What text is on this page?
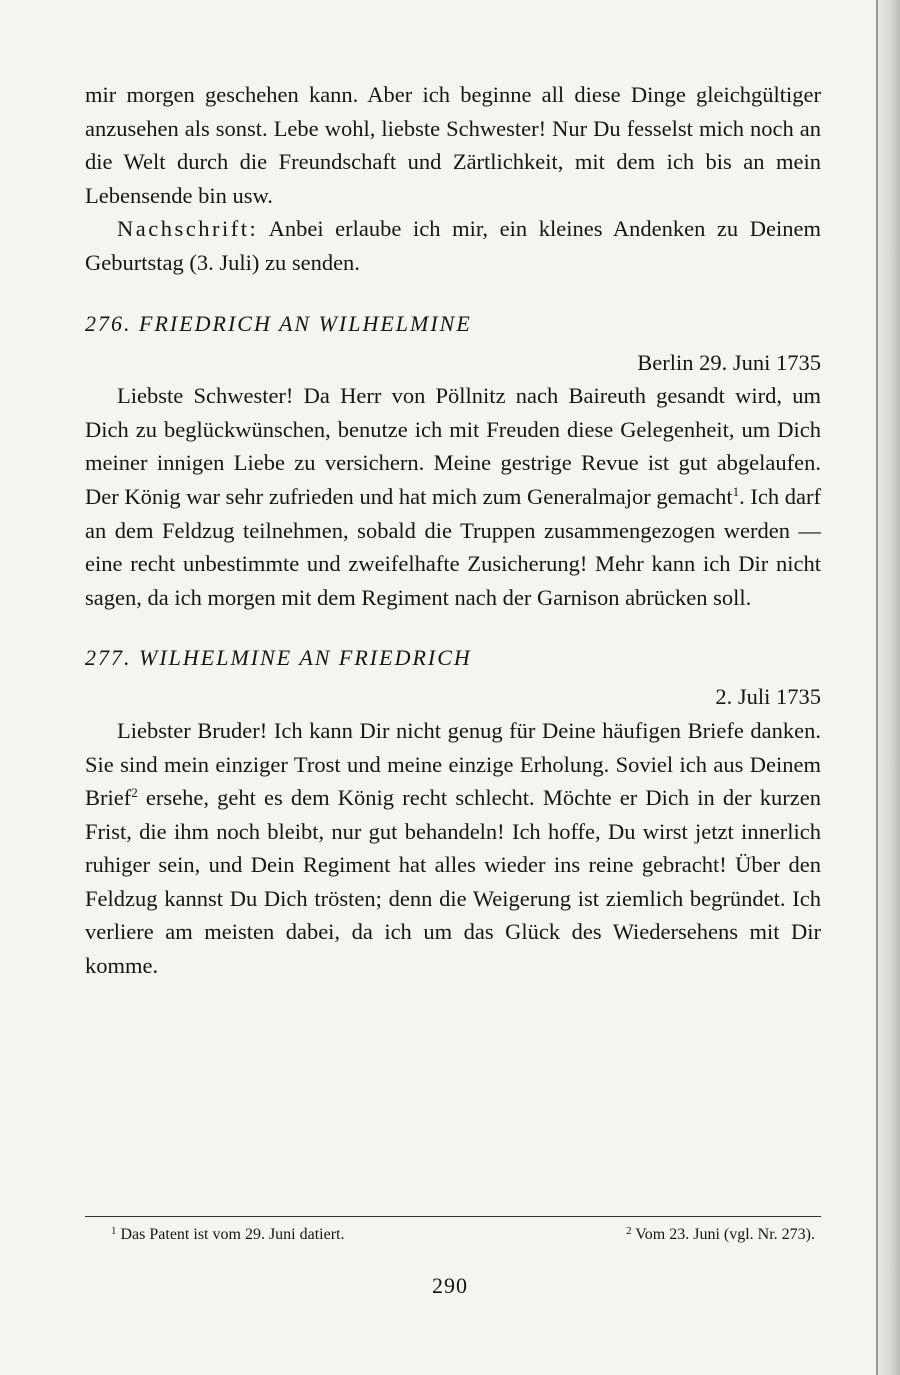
mir morgen geschehen kann. Aber ich beginne all diese Dinge gleichgültiger anzusehen als sonst. Lebe wohl, liebste Schwester! Nur Du fesselst mich noch an die Welt durch die Freundschaft und Zärtlichkeit, mit dem ich bis an mein Lebensende bin usw.

Nachschrift: Anbei erlaube ich mir, ein kleines Andenken zu Deinem Geburtstag (3. Juli) zu senden.

276. FRIEDRICH AN WILHELMINE
Berlin 29. Juni 1735

Liebste Schwester! Da Herr von Pöllnitz nach Baireuth gesandt wird, um Dich zu beglückwünschen, benutze ich mit Freuden diese Gelegenheit, um Dich meiner innigen Liebe zu versichern. Meine gestrige Revue ist gut abgelaufen. Der König war sehr zufrieden und hat mich zum Generalmajor gemacht$^1$. Ich darf an dem Feldzug teilnehmen, sobald die Truppen zusammengezogen werden — eine recht unbestimmte und zweifelhafte Zusicherung! Mehr kann ich Dir nicht sagen, da ich morgen mit dem Regiment nach der Garnison abrücken soll.

277. WILHELMINE AN FRIEDRICH
2. Juli 1735

Liebster Bruder! Ich kann Dir nicht genug für Deine häufigen Briefe danken. Sie sind mein einziger Trost und meine einzige Erholung. Soviel ich aus Deinem Brief$^2$ ersehe, geht es dem König recht schlecht. Möchte er Dich in der kurzen Frist, die ihm noch bleibt, nur gut behandeln! Ich hoffe, Du wirst jetzt innerlich ruhiger sein, und Dein Regiment hat alles wieder ins reine gebracht! Über den Feldzug kannst Du Dich trösten; denn die Weigerung ist ziemlich begründet. Ich verliere am meisten dabei, da ich um das Glück des Wiedersehens mit Dir komme.

$^1$ Das Patent ist vom 29. Juni datiert.	$^2$ Vom 23. Juni (vgl. Nr. 273).
290
